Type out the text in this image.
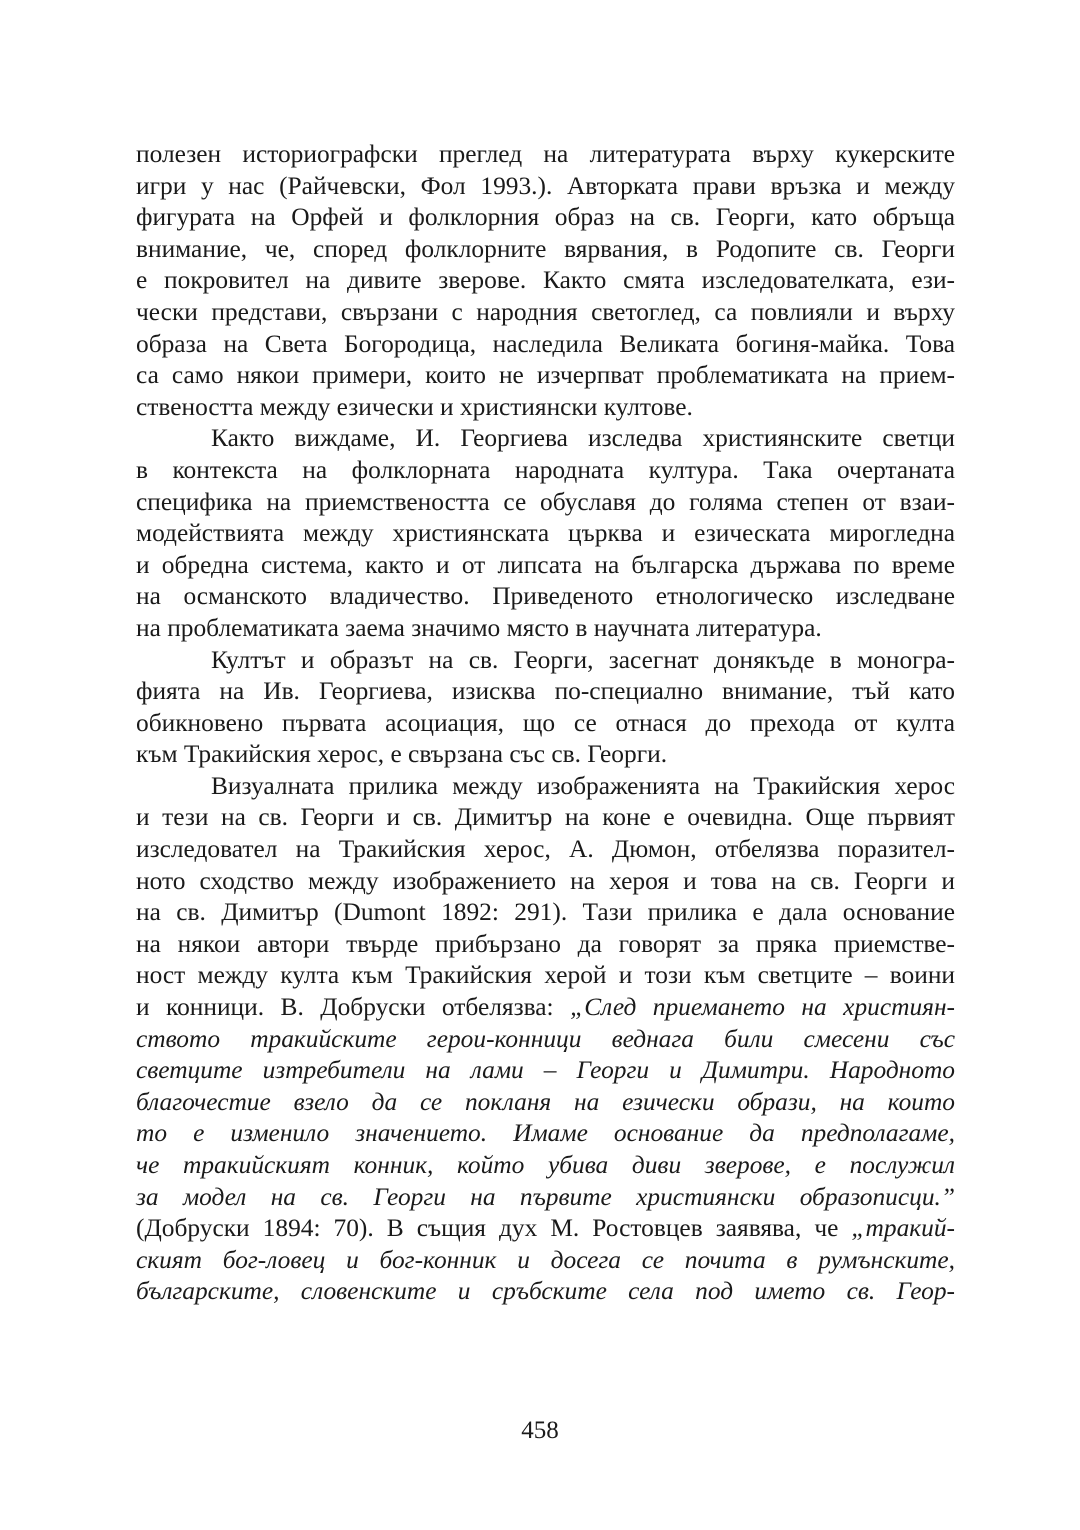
полезен историографски преглед на литературата върху кукерските
игри у нас (Райчевски, Фол 1993.). Авторката прави връзка и между
фигурата на Орфей и фолклорния образ на св. Георги, като обръща
внимание, че, според фолклорните вярвания, в Родопите св. Георги
е покровител на дивите зверове. Както смята изследователката, ези-
чески представи, свързани с народния светоглед, са повлияли и върху
образа на Света Богородица, наследила Великата богиня-майка. Това
са само някои примери, които не изчерпват проблематиката на прием-
ствеността между езически и християнски култове.
Както виждаме, И. Георгиева изследва християнските светци
в контекста на фолклорната народната култура. Така очертаната
специфика на приемствеността се обуславя до голяма степен от взаи-
модействията между християнската църква и езическата мирогледна
и обредна система, както и от липсата на българска държава по време
на османското владичество. Приведеното етнологическо изследване
на проблематиката заема значимо място в научната литература.
Култът и образът на св. Георги, засегнат донякъде в моногра-
фията на Ив. Георгиева, изисква по-специално внимание, тъй като
обикновено първата асоциация, що се отнася до прехода от култа
към Тракийския херос, е свързана със св. Георги.
Визуалната прилика между изображенията на Тракийския херос
и тези на св. Георги и св. Димитър на коне е очевидна. Още първият
изследовател на Тракийския херос, А. Дюмон, отбелязва поразител-
ното сходство между изображението на хероя и това на св. Георги и
на св. Димитър (Dumont 1892: 291). Тази прилика е дала основание
на някои автори твърде прибързано да говорят за пряка приемстве-
ност между култа към Тракийския херой и този към светците – воини
и конници. В. Добруски отбелязва: „След приемането на християн-
ството тракийските герои-конници веднага били смесени със
светците изтребители на лами – Георги и Димитри. Народното
благочестие взело да се покланя на езически образи, на които
то е изменило значението. Имаме основание да предполагаме,
че тракийският конник, който убива диви зверове, е послужил
за модел на св. Георги на първите християнски образописци.”
(Добруски 1894: 70). В същия дух М. Ростовцев заявява, че „тракий-
ският бог-ловец и бог-конник и досега се почита в румънските,
българските, словенските и сръбските села под името св. Геор-
458
